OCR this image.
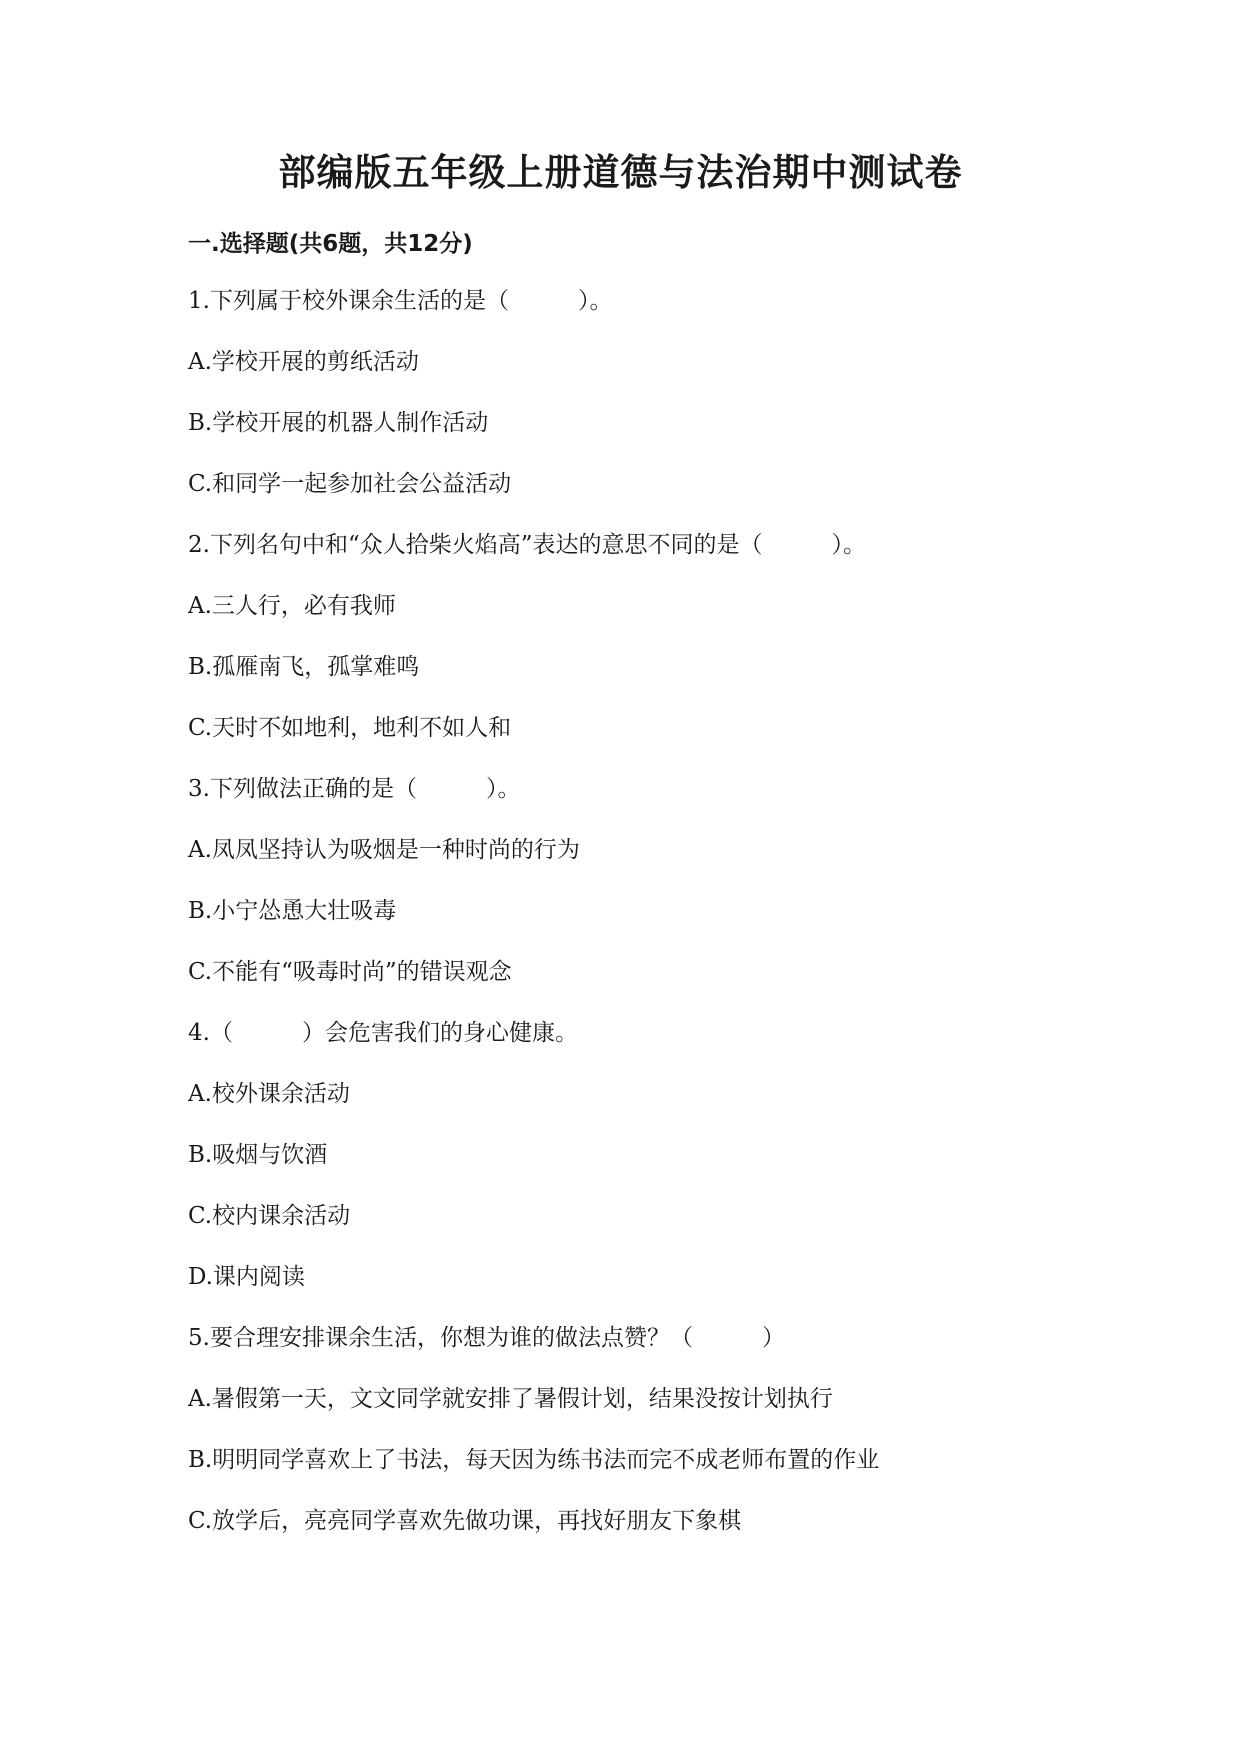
部编版五年级上册道德与法治期中测试卷
一.选择题(共6题，共12分)
1.下列属于校外课余生活的是（　　　）。
A.学校开展的剪纸活动
B.学校开展的机器人制作活动
C.和同学一起参加社会公益活动
2.下列名句中和“众人拾柴火焰高”表达的意思不同的是（　　　）。
A.三人行，必有我师
B.孤雁南飞，孤掌难鸣
C.天时不如地利，地利不如人和
3.下列做法正确的是（　　　）。
A.凤凤坚持认为吸烟是一种时尚的行为
B.小宁怂恿大壮吸毒
C.不能有“吸毒时尚”的错误观念
4.（　　　）会危害我们的身心健康。
A.校外课余活动
B.吸烟与饮酒
C.校内课余活动
D.课内阅读
5.要合理安排课余生活，你想为谁的做法点赞？（　　　）
A.暑假第一天，文文同学就安排了暑假计划，结果没按计划执行
B.明明同学喜欢上了书法，每天因为练书法而完不成老师布置的作业
C.放学后，亮亮同学喜欢先做功课，再找好朋友下象棋
